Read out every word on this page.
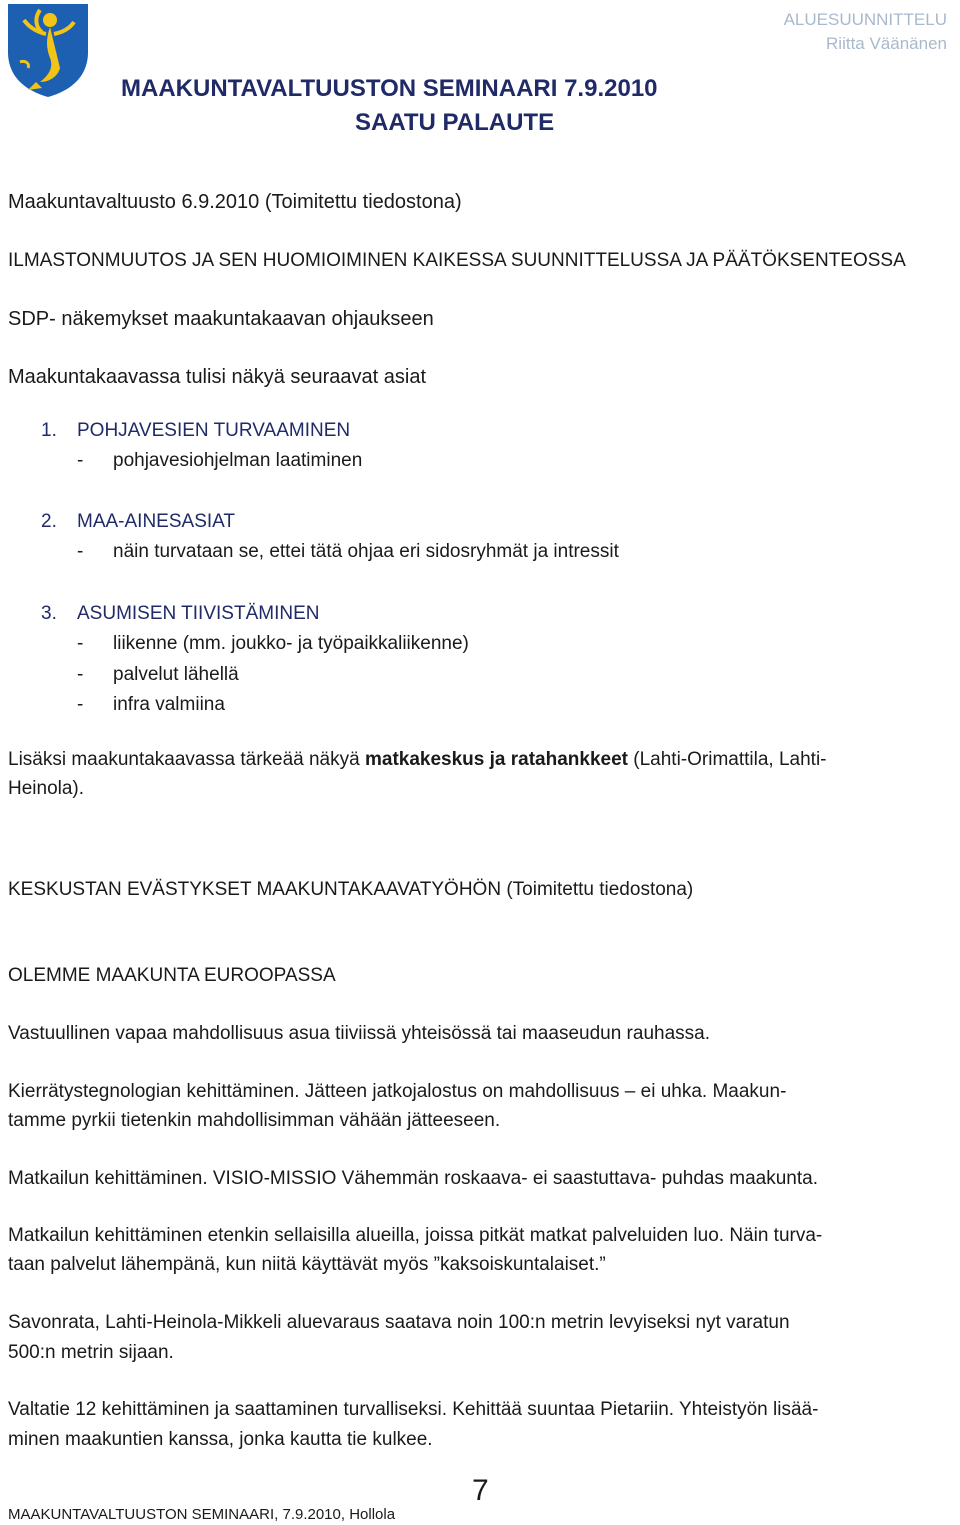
ALUESUUNNITTELU
Riitta Väänänen
MAAKUNTAVALTUUSTON SEMINAARI 7.9.2010
SAATU PALAUTE
Maakuntavaltuusto 6.9.2010 (Toimitettu tiedostona)
ILMASTONMUUTOS JA SEN HUOMIOIMINEN KAIKESSA SUUNNITTELUSSA JA PÄÄTÖKSENTEOSSA
SDP- näkemykset maakuntakaavan ohjaukseen
Maakuntakaavassa tulisi näkyä seuraavat asiat
1. POHJAVESIEN TURVAAMINEN
- pohjavesiohjelman laatiminen
2. MAA-AINESASIAT
- näin turvataan se, ettei tätä ohjaa eri sidosryhmät ja intressit
3. ASUMISEN TIIVISTÄMINEN
- liikenne (mm. joukko- ja työpaikkaliikenne)
- palvelut lähellä
- infra valmiina
Lisäksi maakuntakaavassa tärkeää näkyä matkakeskus ja ratahankkeet (Lahti-Orimattila, Lahti-
Heinola).
KESKUSTAN EVÄSTYKSET MAAKUNTAKAAVATYÖHÖN (Toimitettu tiedostona)
OLEMME MAAKUNTA EUROOPASSA
Vastuullinen vapaa mahdollisuus asua tiiviissä yhteisössä tai maaseudun rauhassa.
Kierrätystegnologian kehittäminen. Jätteen jatkojalostus on mahdollisuus – ei uhka. Maakun-
tamme pyrkii tietenkin mahdollisimman vähään jätteeseen.
Matkailun kehittäminen. VISIO-MISSIO Vähemmän roskaava- ei saastuttava- puhdas maakunta.
Matkailun kehittäminen etenkin sellaisilla alueilla, joissa pitkät matkat palveluiden luo. Näin turva-
taan palvelut lähempänä, kun niitä käyttävät myös ”kaksoiskuntalaiset.”
Savonrata, Lahti-Heinola-Mikkeli aluevaraus saatava noin 100:n metrin levyiseksi nyt varatun
500:n metrin sijaan.
Valtatie 12 kehittäminen ja saattaminen turvalliseksi. Kehittää suuntaa Pietariin. Yhteistyön lisää-
minen maakuntien kanssa, jonka kautta tie kulkee.
7
MAAKUNTAVALTUUSTON SEMINAARI, 7.9.2010, Hollola
